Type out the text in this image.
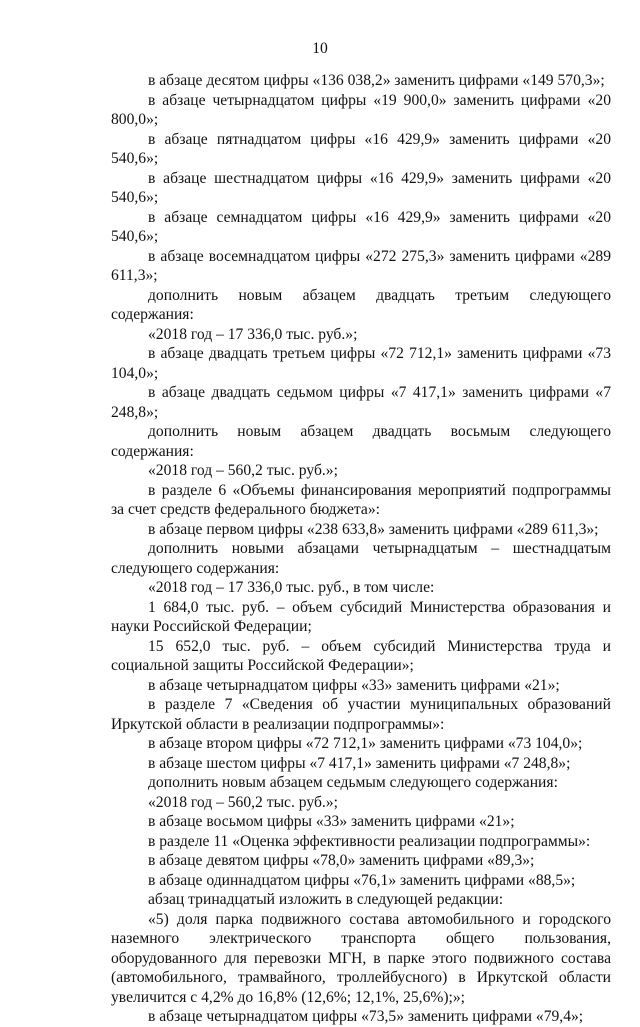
10

в абзаце десятом цифры «136 038,2» заменить цифрами «149 570,3»;

в абзаце четырнадцатом цифры «19 900,0» заменить цифрами «20 800,0»;

в абзаце пятнадцатом цифры «16 429,9» заменить цифрами «20 540,6»;

в абзаце шестнадцатом цифры «16 429,9» заменить цифрами «20 540,6»;

в абзаце семнадцатом цифры «16 429,9» заменить цифрами «20 540,6»;

в абзаце восемнадцатом цифры «272 275,3» заменить цифрами «289 611,3»;

дополнить новым абзацем двадцать третьим следующего содержания:

«2018 год – 17 336,0 тыс. руб.»;

в абзаце двадцать третьем цифры «72 712,1» заменить цифрами «73 104,0»;

в абзаце двадцать седьмом цифры «7 417,1» заменить цифрами «7 248,8»;

дополнить новым абзацем двадцать восьмым следующего содержания:

«2018 год – 560,2 тыс. руб.»;

в разделе 6 «Объемы финансирования мероприятий подпрограммы за счет средств федерального бюджета»:

в абзаце первом цифры «238 633,8» заменить цифрами «289 611,3»;

дополнить новыми абзацами четырнадцатым – шестнадцатым следующего содержания:

«2018 год – 17 336,0 тыс. руб., в том числе:

1 684,0 тыс. руб. – объем субсидий Министерства образования и науки Российской Федерации;

15 652,0 тыс. руб. – объем субсидий Министерства труда и социальной защиты Российской Федерации»;

в абзаце четырнадцатом цифры «33» заменить цифрами «21»;

в разделе 7 «Сведения об участии муниципальных образований Иркутской области в реализации подпрограммы»:

в абзаце втором цифры «72 712,1» заменить цифрами «73 104,0»;

в абзаце шестом цифры «7 417,1» заменить цифрами «7 248,8»;

дополнить новым абзацем седьмым следующего содержания:

«2018 год – 560,2 тыс. руб.»;

в абзаце восьмом цифры «33» заменить цифрами «21»;

в разделе 11 «Оценка эффективности реализации подпрограммы»:

в абзаце девятом цифры «78,0» заменить цифрами «89,3»;

в абзаце одиннадцатом цифры «76,1» заменить цифрами «88,5»;

абзац тринадцатый изложить в следующей редакции:

«5) доля парка подвижного состава автомобильного и городского наземного электрического транспорта общего пользования, оборудованного для перевозки МГН, в парке этого подвижного состава (автомобильного, трамвайного, троллейбусного) в Иркутской области увеличится с 4,2% до 16,8% (12,6%; 12,1%, 25,6%);»;

в абзаце четырнадцатом цифры «73,5» заменить цифрами «79,4»;
